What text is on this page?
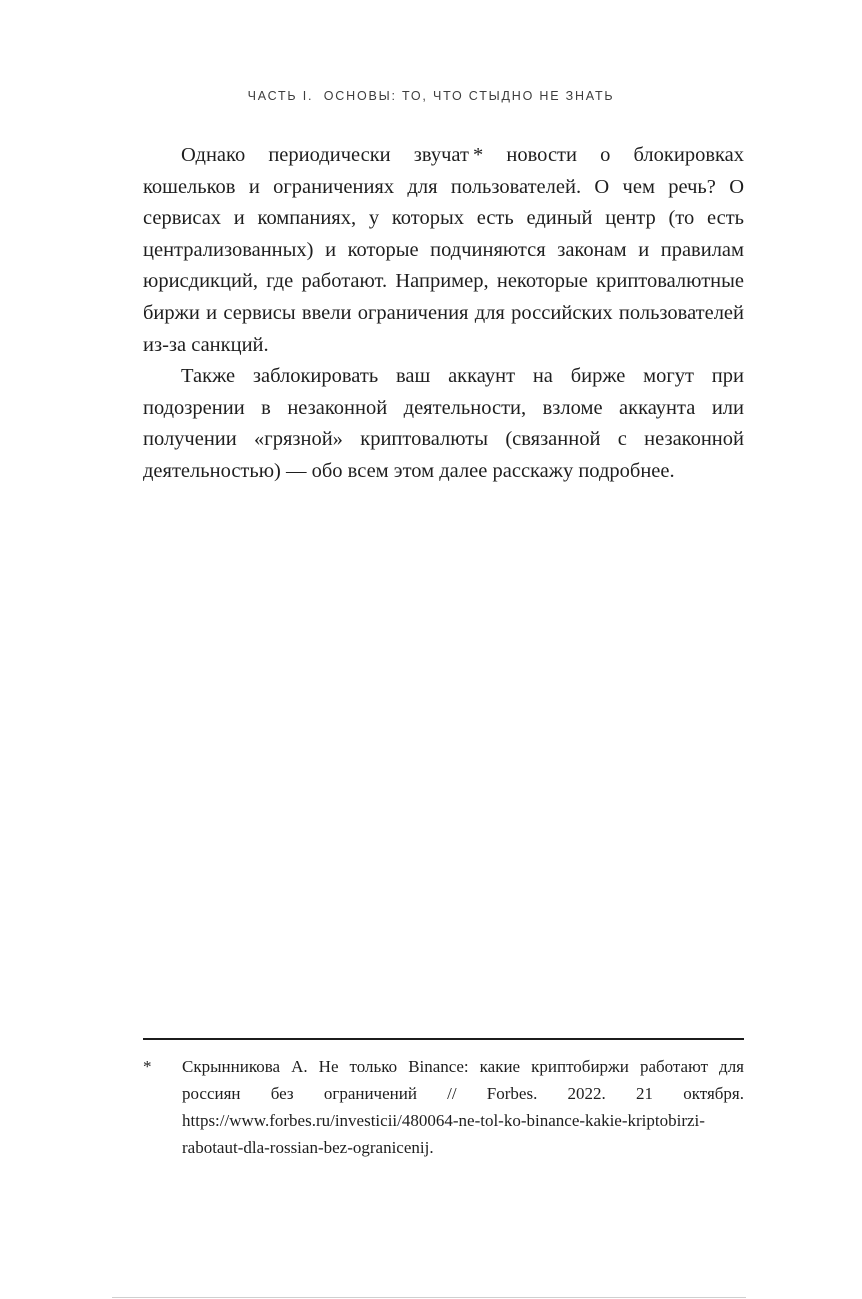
ЧАСТЬ I.  ОСНОВЫ: ТО, ЧТО СТЫДНО НЕ ЗНАТЬ

Однако периодически звучат * новости о блокировках кошельков и ограничениях для пользователей. О чем речь? О сервисах и компаниях, у которых есть единый центр (то есть централизованных) и которые подчиняются законам и правилам юрисдикций, где работают. Например, некоторые криптовалютные биржи и сервисы ввели ограничения для российских пользователей из-за санкций.

Также заблокировать ваш аккаунт на бирже могут при подозрении в незаконной деятельности, взломе аккаунта или получении «грязной» криптовалюты (связанной с незаконной деятельностью) — обо всем этом далее расскажу подробнее.

*	Скрынникова А. Не только Binance: какие криптобиржи работают для россиян без ограничений // Forbes. 2022. 21 октября. https://www.forbes.ru/investicii/480064-ne-tol-ko-binance-kakie-kriptobirzi-rabotaut-dla-rossian-bez-ogranicenij.
